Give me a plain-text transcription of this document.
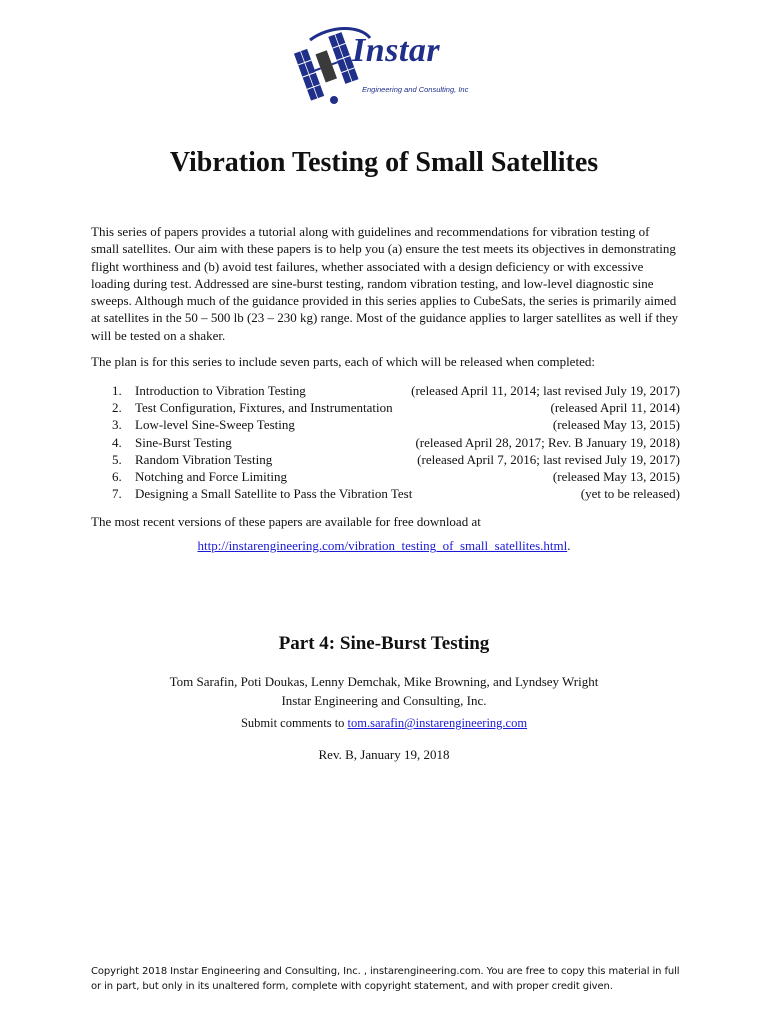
Instar
Engineering and Consulting, Inc
Vibration Testing of Small Satellites

This series of papers provides a tutorial along with guidelines and recommendations for vibration testing of small satellites. Our aim with these papers is to help you (a) ensure the test meets its objectives in demonstrating flight worthiness and (b) avoid test failures, whether associated with a design deficiency or with excessive loading during test. Addressed are sine-burst testing, random vibration testing, and low-level diagnostic sine sweeps. Although much of the guidance provided in this series applies to CubeSats, the series is primarily aimed at satellites in the 50 – 500 lb (23 – 230 kg) range. Most of the guidance applies to larger satellites as well if they will be tested on a shaker.

The plan is for this series to include seven parts, each of which will be released when completed:

1.	Introduction to Vibration Testing	(released April 11, 2014; last revised July 19, 2017)
2.	Test Configuration, Fixtures, and Instrumentation	(released April 11, 2014)
3.	Low-level Sine-Sweep Testing	(released May 13, 2015)
4.	Sine-Burst Testing	(released April 28, 2017; Rev. B January 19, 2018)
5.	Random Vibration Testing	(released April 7, 2016; last revised July 19, 2017)
6.	Notching and Force Limiting	(released May 13, 2015)
7.	Designing a Small Satellite to Pass the Vibration Test	(yet to be released)

The most recent versions of these papers are available for free download at

http://instarengineering.com/vibration_testing_of_small_satellites.html.

Part 4: Sine-Burst Testing

Tom Sarafin, Poti Doukas, Lenny Demchak, Mike Browning, and Lyndsey Wright

Instar Engineering and Consulting, Inc.

Submit comments to tom.sarafin@instarengineering.com

Rev. B, January 19, 2018

Copyright 2018 Instar Engineering and Consulting, Inc. , instarengineering.com. You are free to copy this material in full or in part, but only in its unaltered form, complete with copyright statement, and with proper credit given.
